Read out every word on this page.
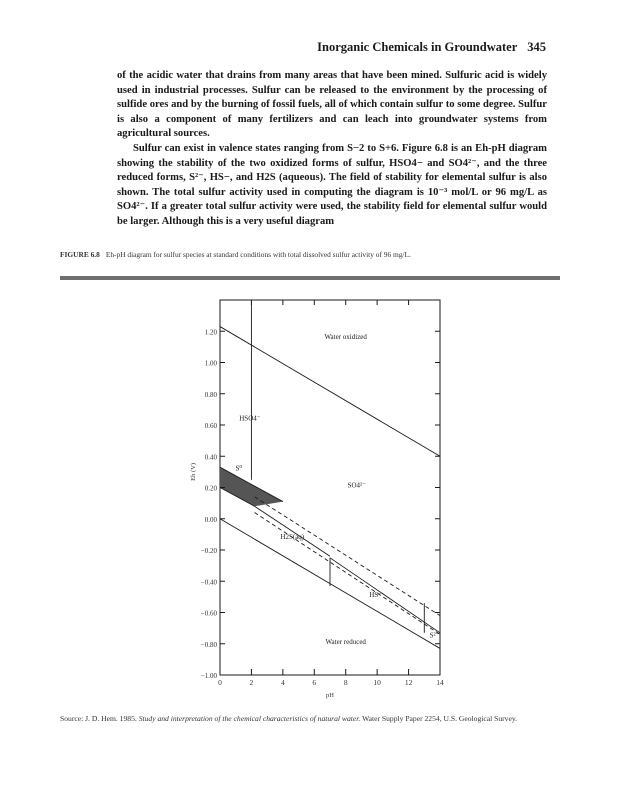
Inorganic Chemicals in Groundwater 345

of the acidic water that drains from many areas that have been mined. Sulfuric acid is widely used in industrial processes. Sulfur can be released to the environment by the processing of sulfide ores and by the burning of fossil fuels, all of which contain sulfur to some degree. Sulfur is also a component of many fertilizers and can leach into groundwater systems from agricultural sources.

Sulfur can exist in valence states ranging from S−2 to S+6. Figure 6.8 is an Eh-pH diagram showing the stability of the two oxidized forms of sulfur, HSO4− and SO4²⁻, and the three reduced forms, S²⁻, HS−, and H2S (aqueous). The field of stability for elemental sulfur is also shown. The total sulfur activity used in computing the diagram is 10⁻³ mol/L or 96 mg/L as SO4²⁻. If a greater total sulfur activity were used, the stability field for elemental sulfur would be larger. Although this is a very useful diagram

FIGURE 6.8 Eh-pH diagram for sulfur species at standard conditions with total dissolved sulfur activity of 96 mg/L.
1.20
1.00
0.80
0.60
0.40
0.20
0.00
−0.20
−0.40
−0.60
−0.80
−1.00
0	2	4	6	8	10	12	14
pH
Eh (V)
Water oxidized
HSO4⁻
S⁰
SO4²⁻
H2S(aq)
HS⁻
Water reduced
S²⁻
Source: J. D. Hem. 1985. Study and interpretation of the chemical characteristics of natural water. Water Supply Paper 2254, U.S. Geological Survey.
